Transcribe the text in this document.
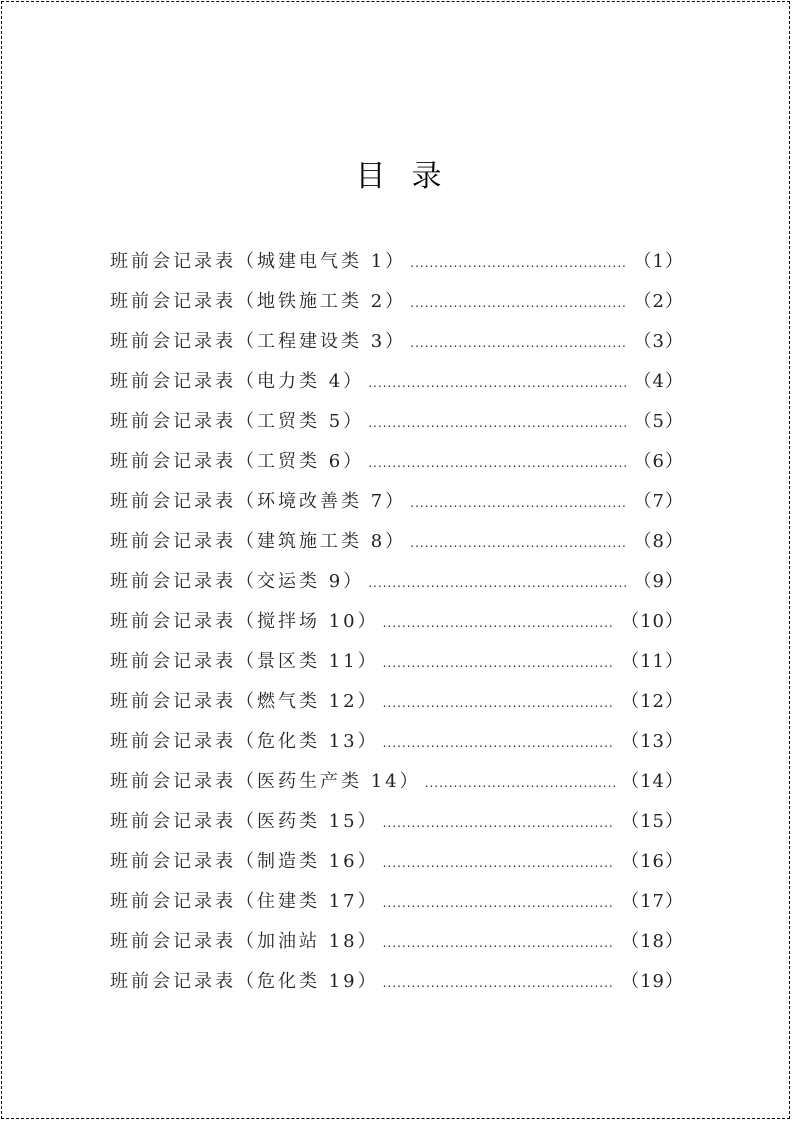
目录
班前会记录表（城建电气类 1） .....	（1）
班前会记录表（地铁施工类 2） .....	（2）
班前会记录表（工程建设类 3） .....	（3）
班前会记录表（电力类 4） .....	（4）
班前会记录表（工贸类 5） .....	（5）
班前会记录表（工贸类 6） .....	（6）
班前会记录表（环境改善类 7） .....	（7）
班前会记录表（建筑施工类 8） .....	（8）
班前会记录表（交运类 9） .....	（9）
班前会记录表（搅拌场 10） .....	（10）
班前会记录表（景区类 11） .....	（11）
班前会记录表（燃气类 12） .....	（12）
班前会记录表（危化类 13） .....	（13）
班前会记录表（医药生产类 14） .....	（14）
班前会记录表（医药类 15） .....	（15）
班前会记录表（制造类 16） .....	（16）
班前会记录表（住建类 17） .....	（17）
班前会记录表（加油站 18） .....	（18）
班前会记录表（危化类 19） .....	（19）
